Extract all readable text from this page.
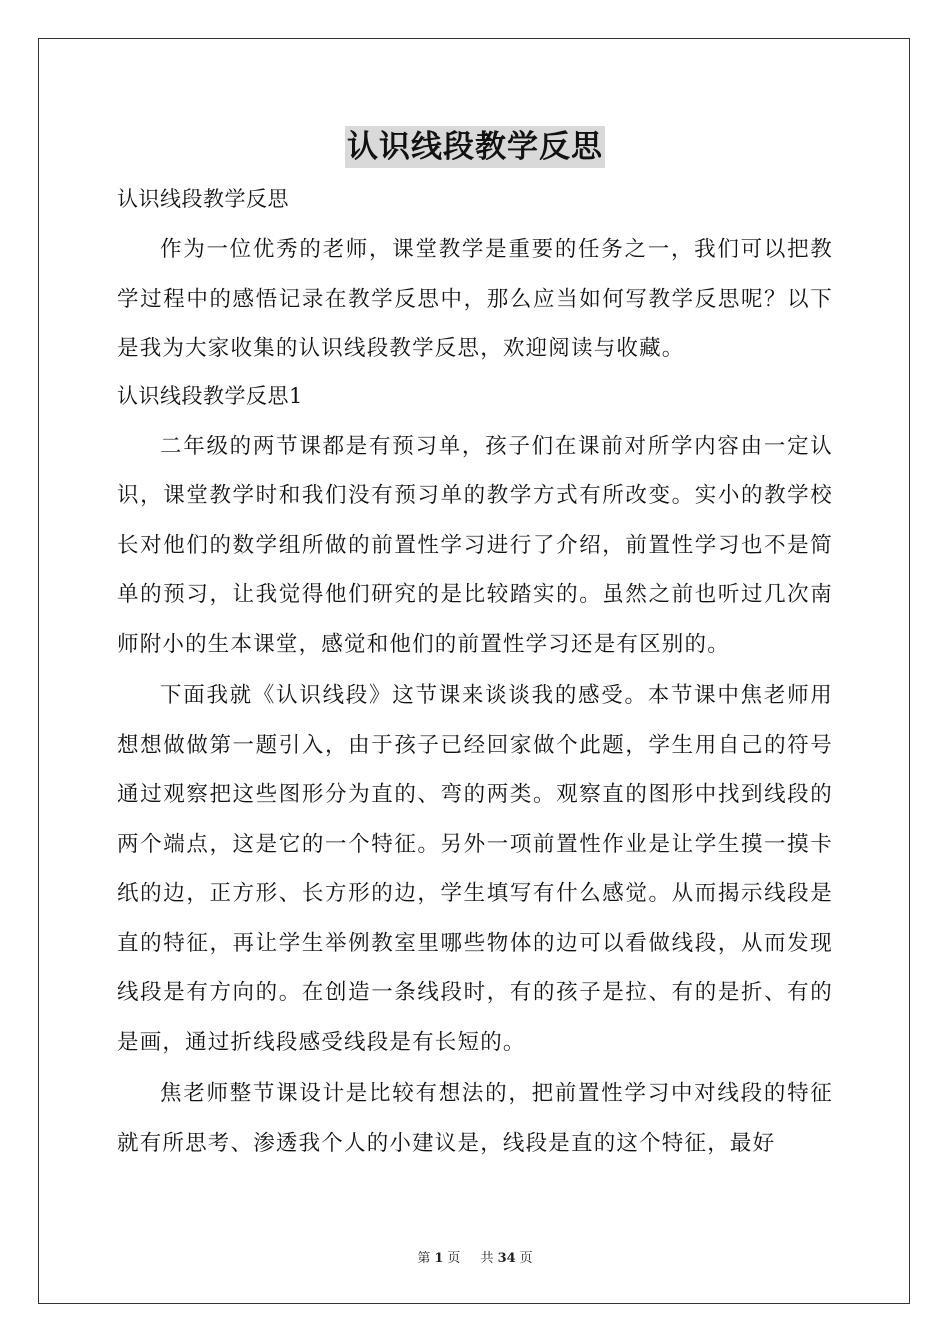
认识线段教学反思

认识线段教学反思

作为一位优秀的老师，课堂教学是重要的任务之一，我们可以把教学过程中的感悟记录在教学反思中，那么应当如何写教学反思呢？以下是我为大家收集的认识线段教学反思，欢迎阅读与收藏。

认识线段教学反思1

二年级的两节课都是有预习单，孩子们在课前对所学内容由一定认识，课堂教学时和我们没有预习单的教学方式有所改变。实小的教学校长对他们的数学组所做的前置性学习进行了介绍，前置性学习也不是简单的预习，让我觉得他们研究的是比较踏实的。虽然之前也听过几次南师附小的生本课堂，感觉和他们的前置性学习还是有区别的。

下面我就《认识线段》这节课来谈谈我的感受。本节课中焦老师用想想做做第一题引入，由于孩子已经回家做个此题，学生用自己的符号通过观察把这些图形分为直的、弯的两类。观察直的图形中找到线段的两个端点，这是它的一个特征。另外一项前置性作业是让学生摸一摸卡纸的边，正方形、长方形的边，学生填写有什么感觉。从而揭示线段是直的特征，再让学生举例教室里哪些物体的边可以看做线段，从而发现线段是有方向的。在创造一条线段时，有的孩子是拉、有的是折、有的是画，通过折线段感受线段是有长短的。

焦老师整节课设计是比较有想法的，把前置性学习中对线段的特征就有所思考、渗透我个人的小建议是，线段是直的这个特征，最好

第 1 页 共 34 页
